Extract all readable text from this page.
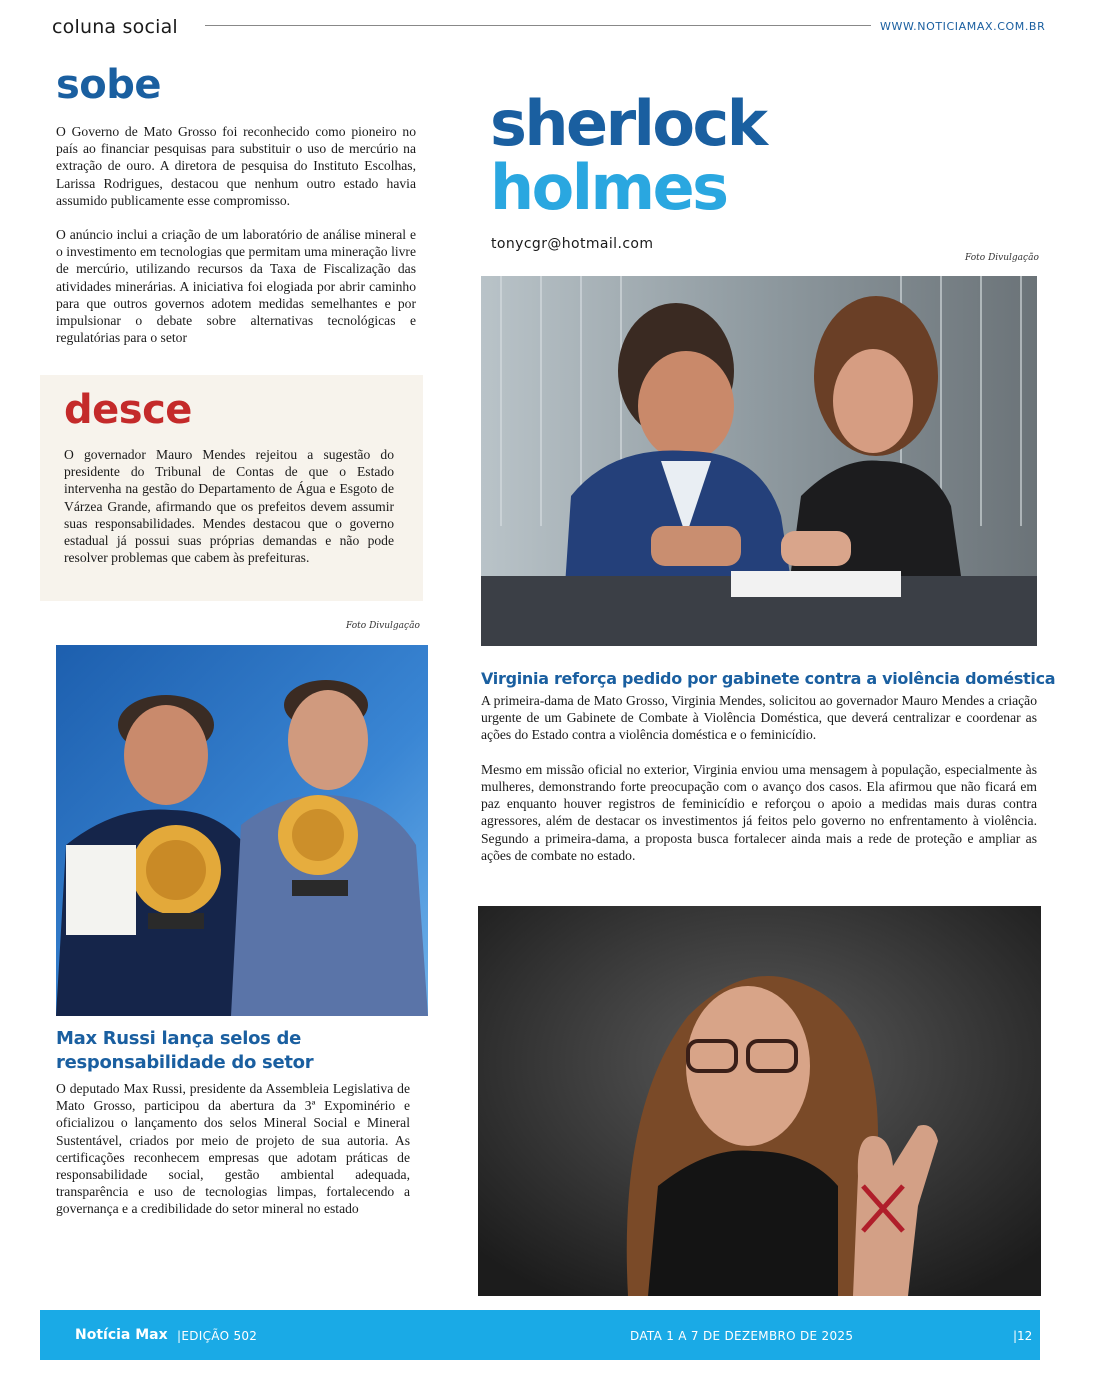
coluna social	WWW.NOTICIAMAX.COM.BR
sobe

O Governo de Mato Grosso foi reconhecido como pioneiro no país ao financiar pesquisas para substituir o uso de mercúrio na extração de ouro. A diretora de pesquisa do Instituto Escolhas, Larissa Rodrigues, destacou que nenhum outro estado havia assumido publicamente esse compromisso.

O anúncio inclui a criação de um laboratório de análise mineral e o investimento em tecnologias que permitam uma mineração livre de mercúrio, utilizando recursos da Taxa de Fiscalização das atividades minerárias. A iniciativa foi elogiada por abrir caminho para que outros governos adotem medidas semelhantes e por impulsionar o debate sobre alternativas tecnológicas e regulatórias para o setor

desce
O governador Mauro Mendes rejeitou a sugestão do presidente do Tribunal de Contas de que o Estado intervenha na gestão do Departamento de Água e Esgoto de Várzea Grande, afirmando que os prefeitos devem assumir suas responsabilidades. Mendes destacou que o governo estadual já possui suas próprias demandas e não pode resolver problemas que cabem às prefeituras.
sherlock
holmes
tonycgr@hotmail.com
Foto Divulgação
Virginia reforça pedido por gabinete contra a violência doméstica

A primeira-dama de Mato Grosso, Virginia Mendes, solicitou ao governador Mauro Mendes a criação urgente de um Gabinete de Combate à Violência Doméstica, que deverá centralizar e coordenar as ações do Estado contra a violência doméstica e o feminicídio.

Mesmo em missão oficial no exterior, Virginia enviou uma mensagem à população, especialmente às mulheres, demonstrando forte preocupação com o avanço dos casos. Ela afirmou que não ficará em paz enquanto houver registros de feminicídio e reforçou o apoio a medidas mais duras contra agressores, além de destacar os investimentos já feitos pelo governo no enfrentamento à violência. Segundo a primeira-dama, a proposta busca fortalecer ainda mais a rede de proteção e ampliar as ações de combate no estado.

Foto Divulgação
Max Russi lança selos de responsabilidade do setor
O deputado Max Russi, presidente da Assembleia Legislativa de Mato Grosso, participou da abertura da 3ª Expominério e oficializou o lançamento dos selos Mineral Social e Mineral Sustentável, criados por meio de projeto de sua autoria. As certificações reconhecem empresas que adotam práticas de responsabilidade social, gestão ambiental adequada, transparência e uso de tecnologias limpas, fortalecendo a governança e a credibilidade do setor mineral no estado
Notícia Max |EDIÇÃO 502	DATA 1 A 7 DE DEZEMBRO DE 2025	|12
